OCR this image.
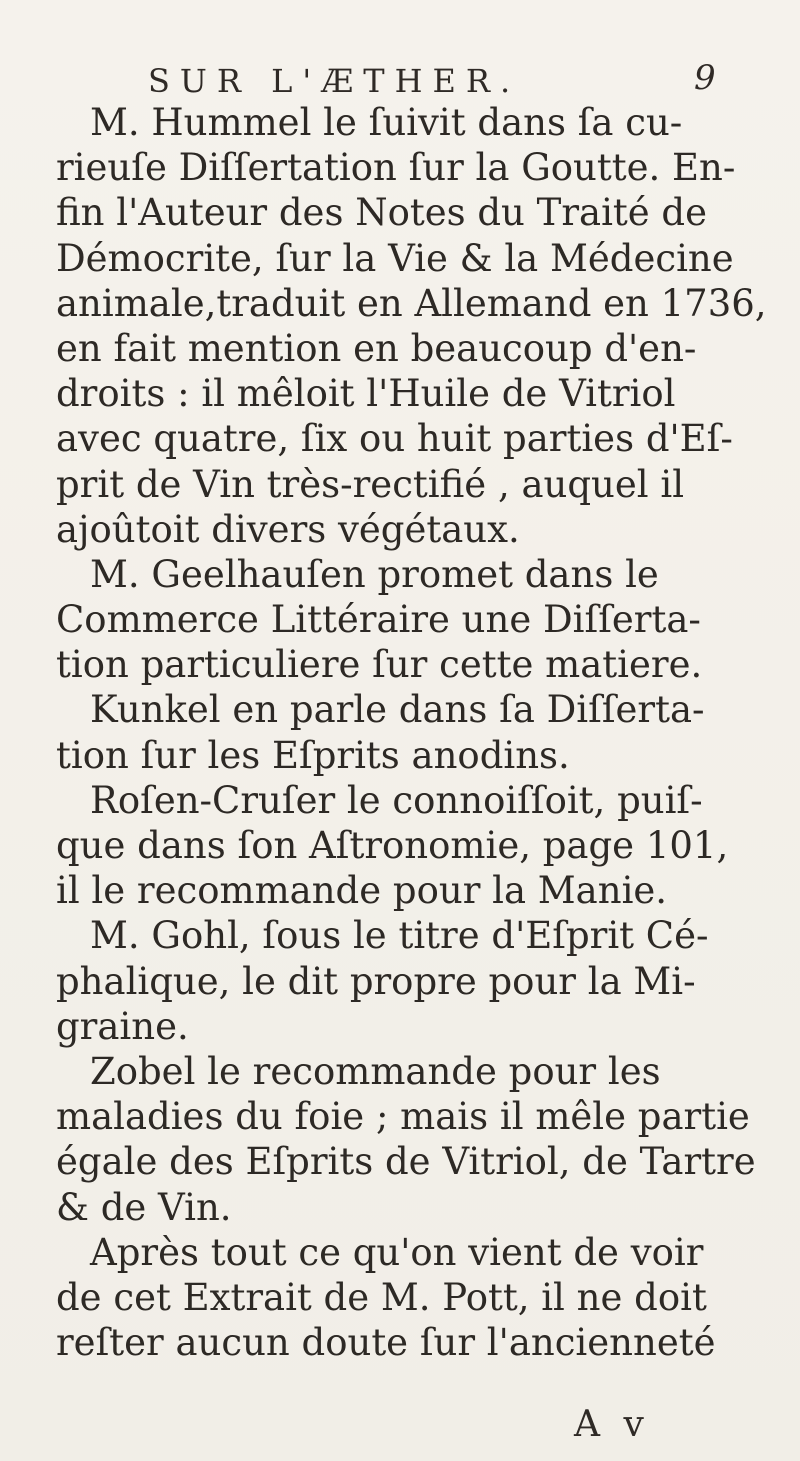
SUR L'ÆTHER.	9
M. Hummel le ſuivit dans ſa cu-
rieuſe Diſſertation ſur la Goutte. En-
fin l'Auteur des Notes du Traité de
Démocrite, ſur la Vie & la Médecine
animale,traduit en Allemand en 1736,
en fait mention en beaucoup d'en-
droits : il mêloit l'Huile de Vitriol
avec quatre, ſix ou huit parties d'Eſ-
prit de Vin très-rectifié , auquel il
ajoûtoit divers végétaux.
M. Geelhauſen promet dans le
Commerce Littéraire une Diſſerta-
tion particuliere ſur cette matiere.
Kunkel en parle dans ſa Diſſerta-
tion ſur les Eſprits anodins.
Roſen-Cruſer le connoiſſoit, puiſ-
que dans ſon Aſtronomie, page 101,
il le recommande pour la Manie.
M. Gohl, ſous le titre d'Eſprit Cé-
phalique, le dit propre pour la Mi-
graine.
Zobel le recommande pour les
maladies du foie ; mais il mêle partie
égale des Eſprits de Vitriol, de Tartre
& de Vin.
Après tout ce qu'on vient de voir
de cet Extrait de M. Pott, il ne doit
reſter aucun doute ſur l'ancienneté
A v
